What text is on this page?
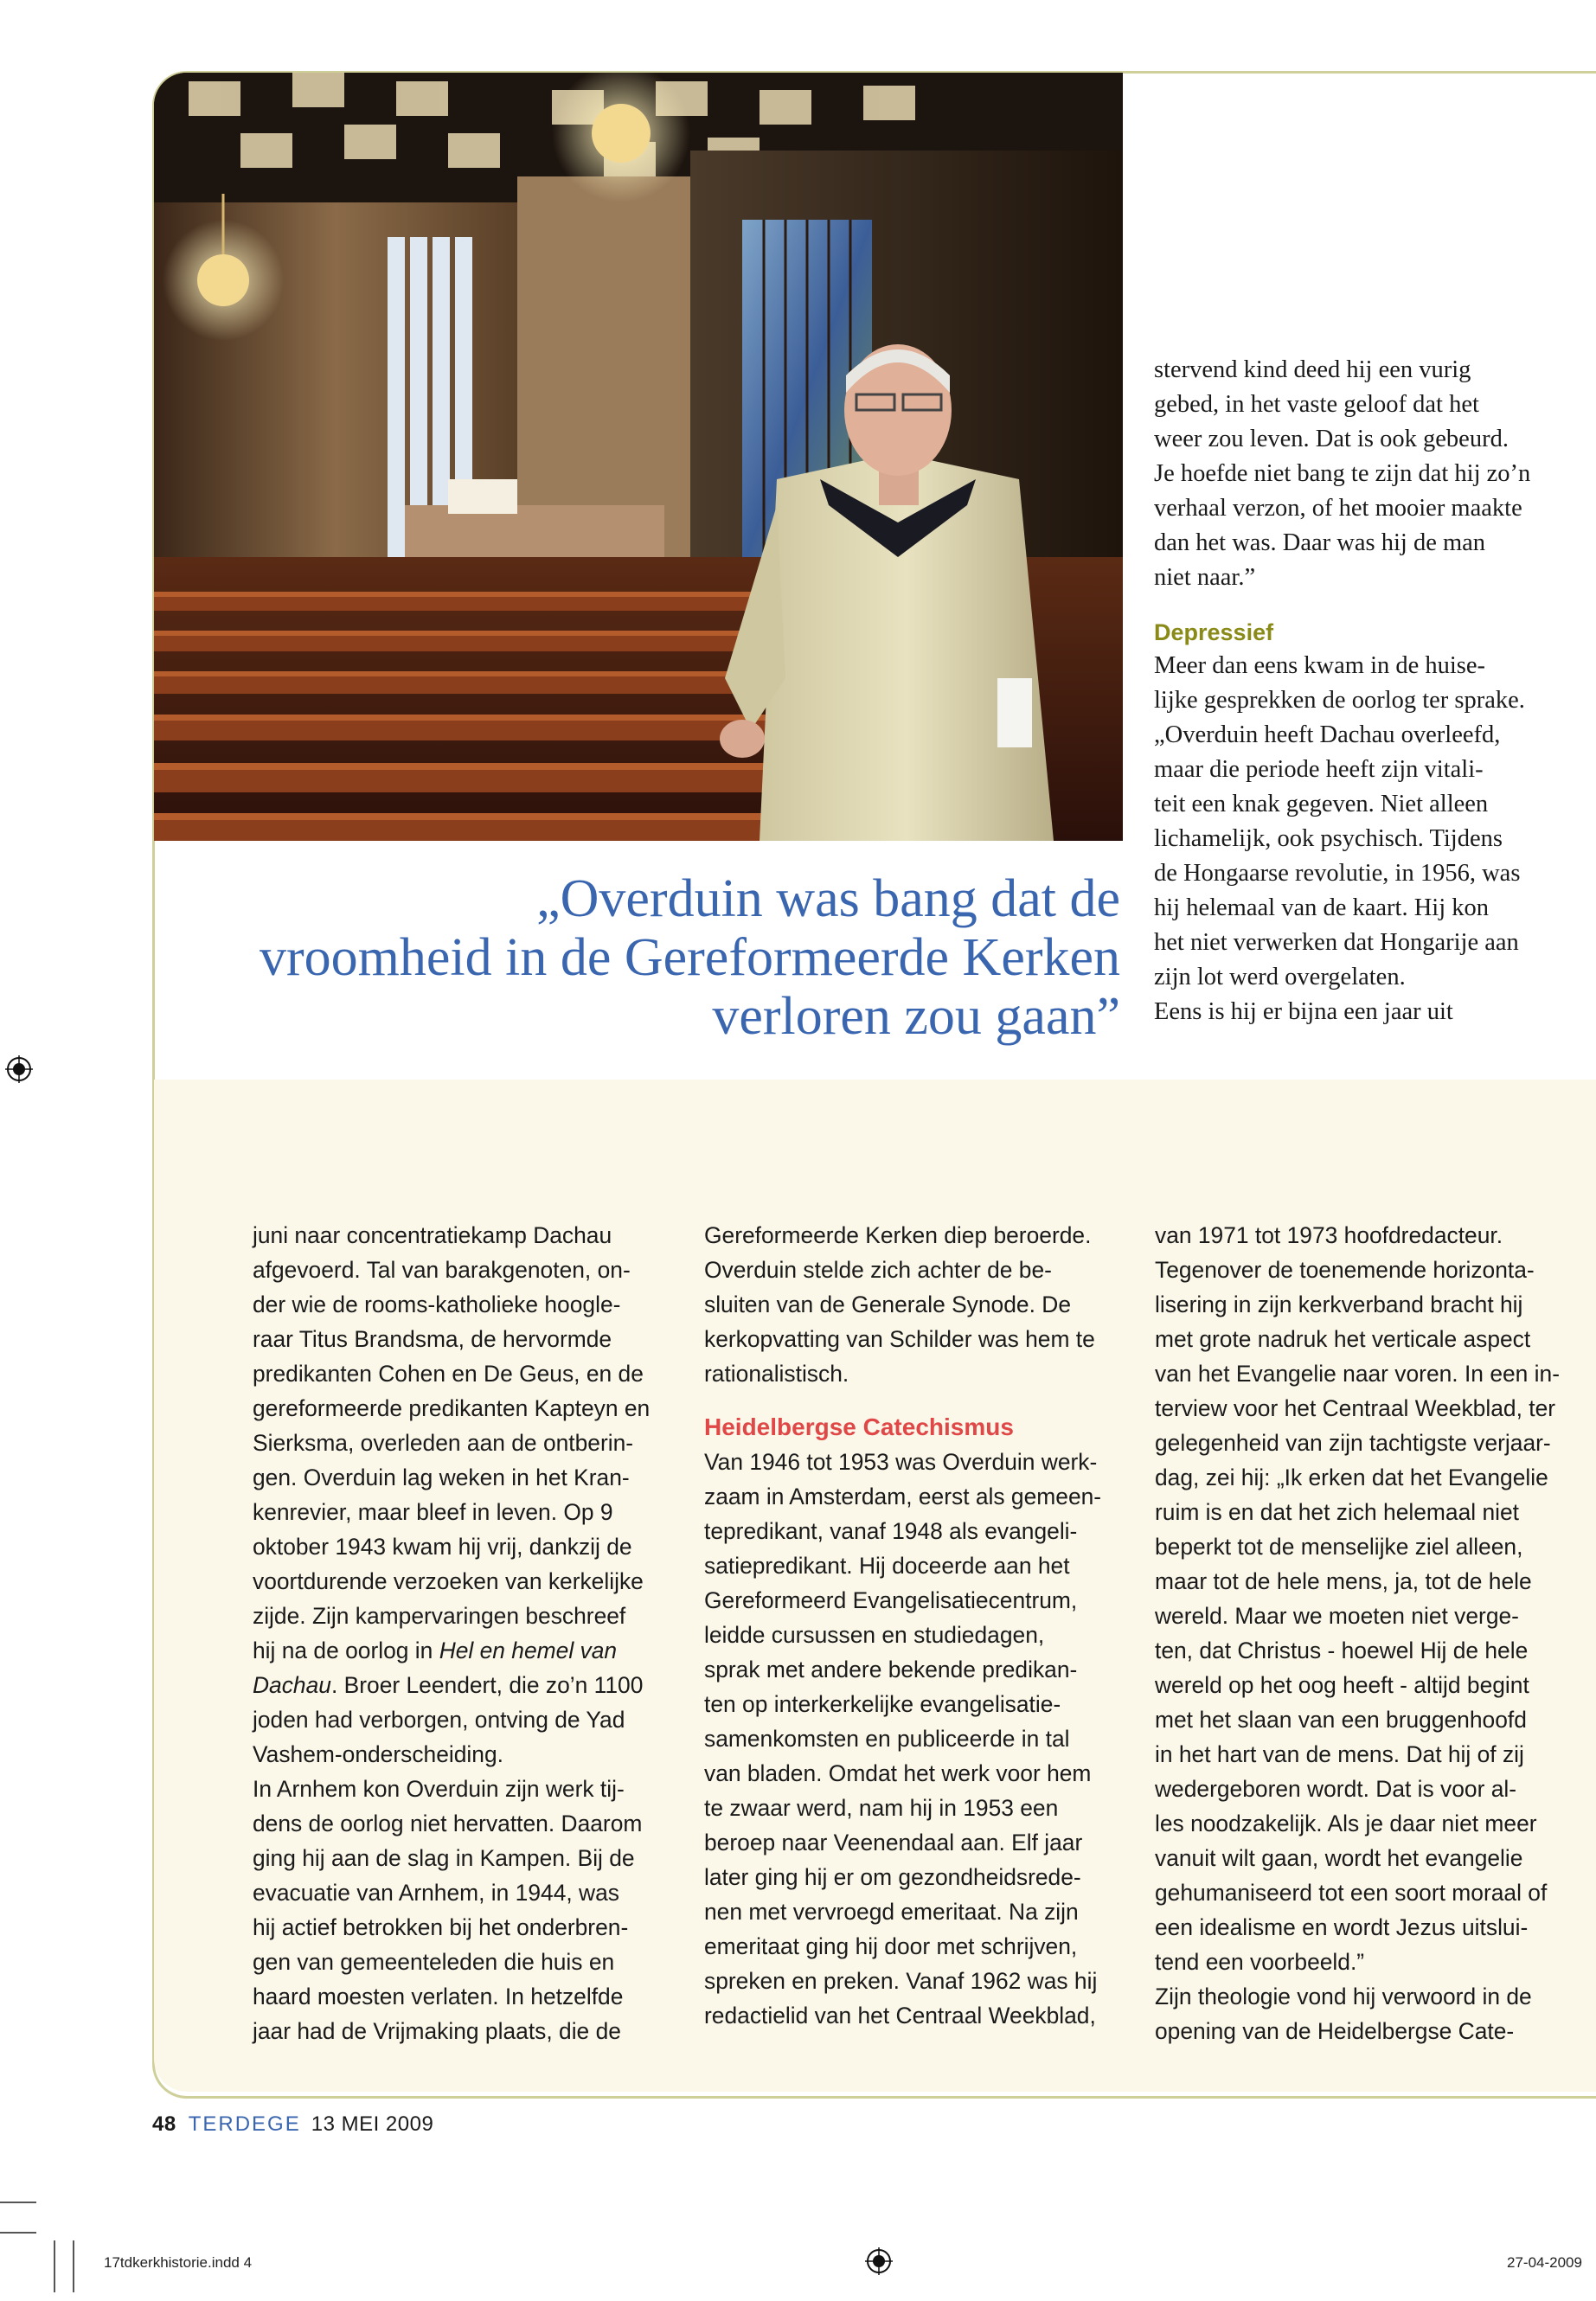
„Overduin was bang dat de
vroomheid in de Gereformeerde Kerken
verloren zou gaan”

stervend kind deed hij een vurig

gebed, in het vaste geloof dat het

weer zou leven. Dat is ook gebeurd.

Je hoefde niet bang te zijn dat hij zo’n

verhaal verzon, of het mooier maakte

dan het was. Daar was hij de man

niet naar.”

Depressief

Meer dan eens kwam in de huise-

lijke gesprekken de oorlog ter sprake.

„Overduin heeft Dachau overleefd,

maar die periode heeft zijn vitali-

teit een knak gegeven. Niet alleen

lichamelijk, ook psychisch. Tijdens

de Hongaarse revolutie, in 1956, was

hij helemaal van de kaart. Hij kon

het niet verwerken dat Hongarije aan

zijn lot werd overgelaten.

Eens is hij er bijna een jaar uit

juni naar concentratiekamp Dachau

afgevoerd. Tal van barakgenoten, on-

der wie de rooms-katholieke hoogle-

raar Titus Brandsma, de hervormde

predikanten Cohen en De Geus, en de

gereformeerde predikanten Kapteyn en

Sierksma, overleden aan de ontberin-

gen. Overduin lag weken in het Kran-

kenrevier, maar bleef in leven. Op 9

oktober 1943 kwam hij vrij, dankzij de

voortdurende verzoeken van kerkelijke

zijde. Zijn kampervaringen beschreef

hij na de oorlog in Hel en hemel van

Dachau. Broer Leendert, die zo’n 1100

joden had verborgen, ontving de Yad

Vashem-onderscheiding.

In Arnhem kon Overduin zijn werk tij-

dens de oorlog niet hervatten. Daarom

ging hij aan de slag in Kampen. Bij de

evacuatie van Arnhem, in 1944, was

hij actief betrokken bij het onderbren-

gen van gemeenteleden die huis en

haard moesten verlaten. In hetzelfde

jaar had de Vrijmaking plaats, die de

Gereformeerde Kerken diep beroerde.

Overduin stelde zich achter de be-

sluiten van de Generale Synode. De

kerkopvatting van Schilder was hem te

rationalistisch.

Heidelbergse Catechismus

Van 1946 tot 1953 was Overduin werk-

zaam in Amsterdam, eerst als gemeen-

tepredikant, vanaf 1948 als evangeli-

satiepredikant. Hij doceerde aan het

Gereformeerd Evangelisatiecentrum,

leidde cursussen en studiedagen,

sprak met andere bekende predikan-

ten op interkerkelijke evangelisatie-

samenkomsten en publiceerde in tal

van bladen. Omdat het werk voor hem

te zwaar werd, nam hij in 1953 een

beroep naar Veenendaal aan. Elf jaar

later ging hij er om gezondheidsrede-

nen met vervroegd emeritaat. Na zijn

emeritaat ging hij door met schrijven,

spreken en preken. Vanaf 1962 was hij

redactielid van het Centraal Weekblad,

van 1971 tot 1973 hoofdredacteur.

Tegenover de toenemende horizonta-

lisering in zijn kerkverband bracht hij

met grote nadruk het verticale aspect

van het Evangelie naar voren. In een in-

terview voor het Centraal Weekblad, ter

gelegenheid van zijn tachtigste verjaar-

dag, zei hij: „Ik erken dat het Evangelie

ruim is en dat het zich helemaal niet

beperkt tot de menselijke ziel alleen,

maar tot de hele mens, ja, tot de hele

wereld. Maar we moeten niet verge-

ten, dat Christus - hoewel Hij de hele

wereld op het oog heeft - altijd begint

met het slaan van een bruggenhoofd

in het hart van de mens. Dat hij of zij

wedergeboren wordt. Dat is voor al-

les noodzakelijk. Als je daar niet meer

vanuit wilt gaan, wordt het evangelie

gehumaniseerd tot een soort moraal of

een idealisme en wordt Jezus uitslui-

tend een voorbeeld.”

Zijn theologie vond hij verwoord in de

opening van de Heidelbergse Cate-

48 TERDEGE 13 MEI 2009
17tdkerkhistorie.indd 4	27-04-2009
